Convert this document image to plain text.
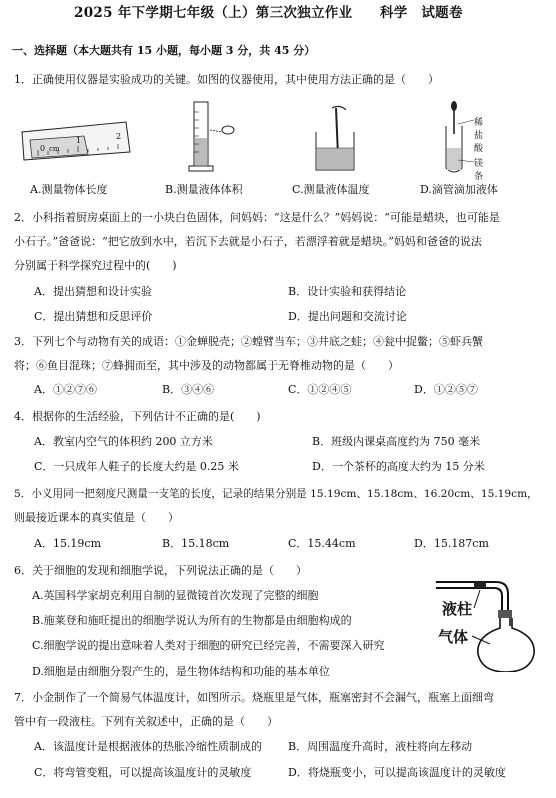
2025 年下学期七年级（上）第三次独立作业　　科学　试题卷
一、选择题（本大题共有 15 小题，每小题 3 分，共 45 分）
1．正确使用仪器是实验成功的关键。如图的仪器使用，其中使用方法正确的是（　　）
0 cm
1	2
稀盐酸
镁条
A.测量物体长度	B.测量液体体积	C.测量液体温度	D.滴管滴加液体
2．小科指着厨房桌面上的一小块白色固体，问妈妈：“这是什么？”妈妈说：“可能是蜡块，也可能是
小石子。”爸爸说：“把它放到水中，若沉下去就是小石子，若漂浮着就是蜡块。”妈妈和爸爸的说法
分别属于科学探究过程中的(　　)
A．提出猜想和设计实验	B．设计实验和获得结论
C．提出猜想和反思评价	D．提出问题和交流讨论
3．下列七个与动物有关的成语：①金蝉脱壳；②螳臂当车；③井底之蛙；④瓮中捉鳖；⑤虾兵蟹
将；⑥鱼目混珠；⑦蜂拥而至，其中涉及的动物都属于无脊椎动物的是（　　）
A．①②⑦⑥	B．③④⑥	C．①②④⑤	D．①②⑤⑦
4．根据你的生活经验，下列估计不正确的是(　　)
A．教室内空气的体积约 200 立方米	B．班级内课桌高度约为 750 毫米
C．一只成年人鞋子的长度大约是 0.25 米	D．一个茶杯的高度大约为 15 分米
5．小义用同一把刻度尺测量一支笔的长度，记录的结果分别是 15.19cm、15.18cm、16.20cm、15.19cm，
则最接近课本的真实值是（　　）
A．15.19cm	B．15.18cm	C．15.44cm	D．15.187cm
6．关于细胞的发现和细胞学说，下列说法正确的是（　　）
A.英国科学家胡克利用自制的显微镜首次发现了完整的细胞
B.施莱登和施旺提出的细胞学说认为所有的生物都是由细胞构成的
C.细胞学说的提出意味着人类对于细胞的研究已经完善，不需要深入研究
D.细胞是由细胞分裂产生的，是生物体结构和功能的基本单位
液柱
气体
7．小金制作了一个简易气体温度计，如图所示。烧瓶里是气体，瓶塞密封不会漏气，瓶塞上面细弯
管中有一段液柱。下列有关叙述中，正确的是（　　）
A．该温度计是根据液体的热胀冷缩性质制成的 B．周围温度升高时，液柱将向左移动
C．将弯管变粗，可以提高该温度计的灵敏度	D．将烧瓶变小，可以提高该温度计的灵敏度
